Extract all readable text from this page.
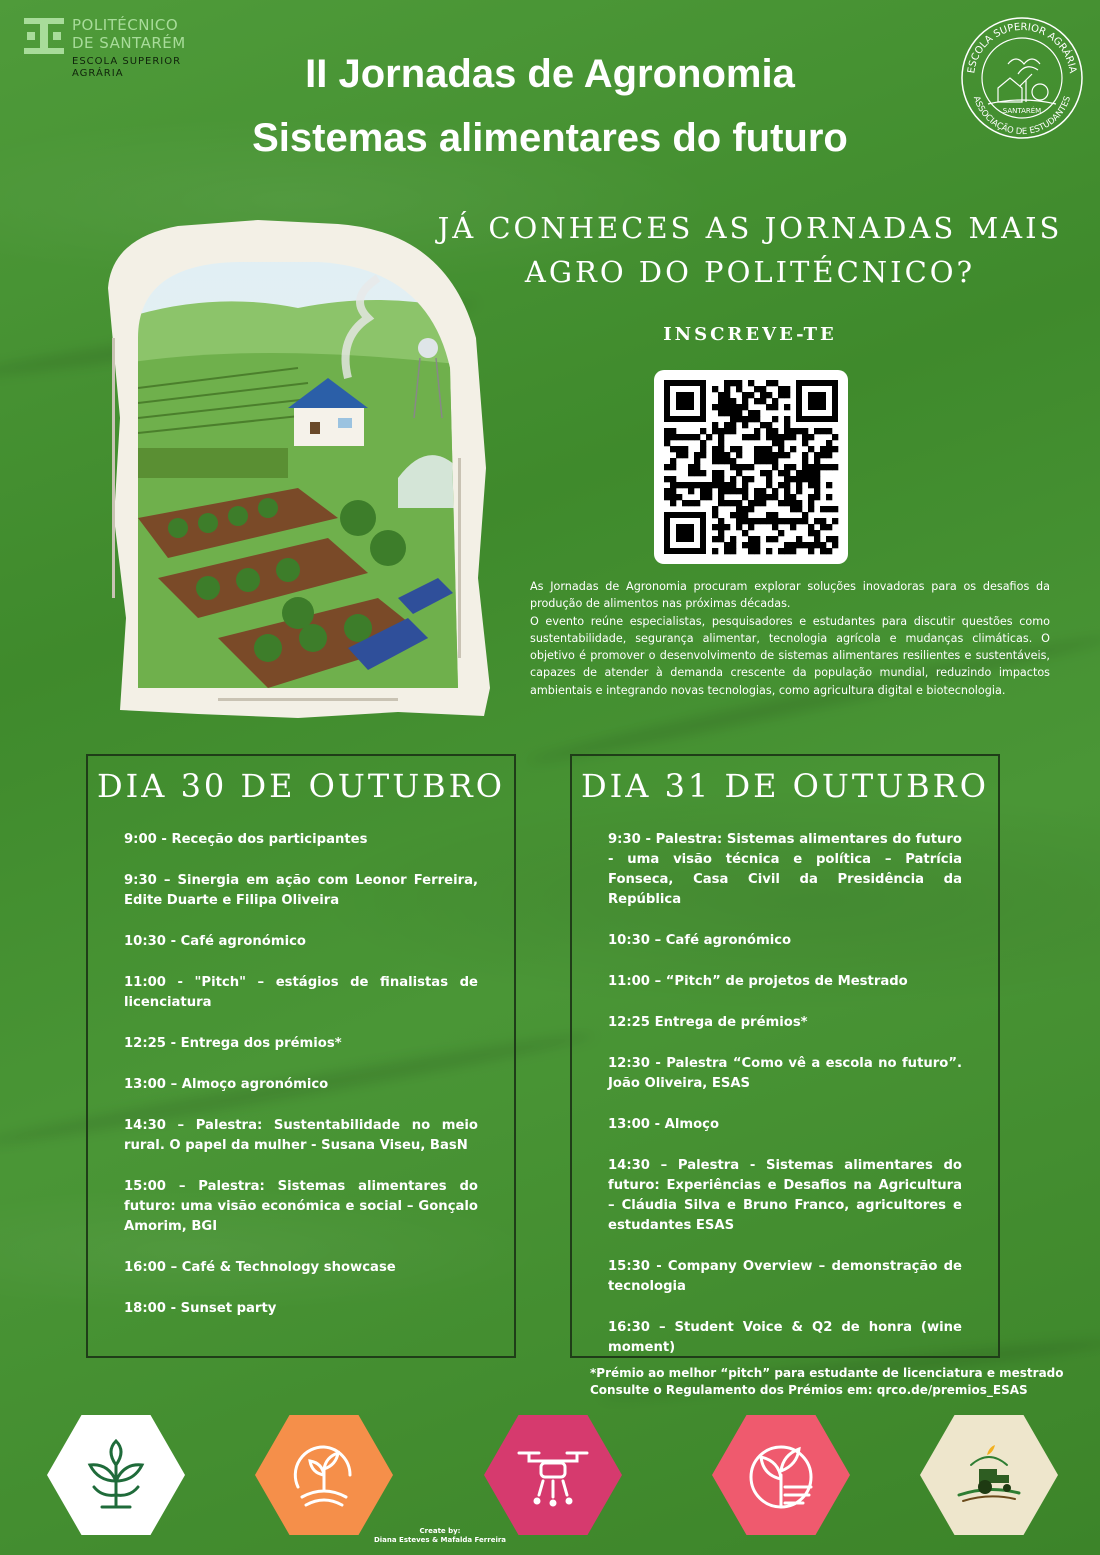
POLITÉCNICO
DE SANTARÉM
ESCOLA SUPERIOR
AGRÁRIA	II Jornadas de Agronomia
Sistemas alimentares do futuro
ESCOLA SUPERIOR AGRÁRIA
ASSOCIAÇÃO DE ESTUDANTES
SANTARÉM
JÁ CONHECES AS JORNADAS MAIS
AGRO DO POLITÉCNICO?
INSCREVE-TE

As Jornadas de Agronomia procuram explorar soluções inovadoras para os desafios da produção de alimentos nas próximas décadas.

O evento reúne especialistas, pesquisadores e estudantes para discutir questões como sustentabilidade, segurança alimentar, tecnologia agrícola e mudanças climáticas. O objetivo é promover o desenvolvimento de sistemas alimentares resilientes e sustentáveis, capazes de atender à demanda crescente da população mundial, reduzindo impactos ambientais e integrando novas tecnologias, como agricultura digital e biotecnologia.

DIA 30 DE OUTUBRO
9:00 - Receção dos participantes
9:30 – Sinergia em ação com Leonor Ferreira, Edite Duarte e Filipa Oliveira
10:30 - Café agronómico
11:00 - "Pitch" – estágios de finalistas de licenciatura
12:25 - Entrega dos prémios*
13:00 – Almoço agronómico
14:30 – Palestra: Sustentabilidade no meio rural. O papel da mulher - Susana Viseu, BasN
15:00 – Palestra: Sistemas alimentares do futuro: uma visão económica e social – Gonçalo Amorim, BGI
16:00 – Café & Technology showcase
18:00 - Sunset party
DIA 31 DE OUTUBRO
9:30 - Palestra: Sistemas alimentares do futuro - uma visão técnica e política – Patrícia Fonseca, Casa Civil da Presidência da República
10:30 – Café agronómico
11:00 – “Pitch” de projetos de Mestrado
12:25 Entrega de prémios*
12:30 - Palestra “Como vê a escola no futuro”. João Oliveira, ESAS
13:00 - Almoço
14:30 – Palestra - Sistemas alimentares do futuro: Experiências e Desafios na Agricultura – Cláudia Silva e Bruno Franco, agricultores e estudantes ESAS
15:30 - Company Overview – demonstração de tecnologia
16:30 – Student Voice & Q2 de honra (wine moment)
*Prémio ao melhor “pitch” para estudante de licenciatura e mestrado
Consulte o Regulamento dos Prémios em: qrco.de/premios_ESAS
Create by:
Diana Esteves & Mafalda Ferreira
